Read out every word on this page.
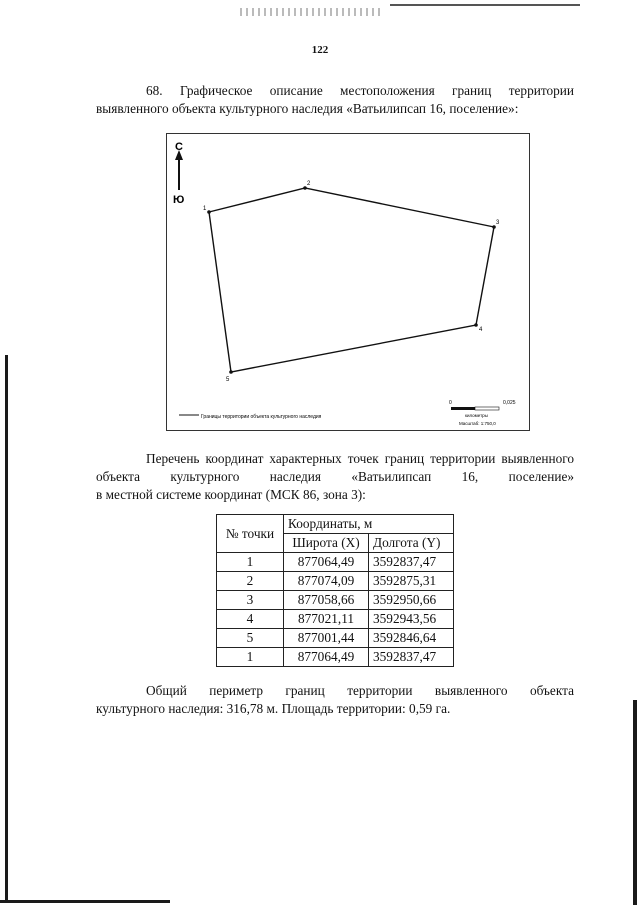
122
68. Графическое описание местоположения границ территории
выявленного объекта культурного наследия «Ватьилипсап 16, поселение»:
С
Ю
1
2
3
4
5
Границы территории объекта культурного наследия
0	0,025
километры
Масштаб: 1:750,0
Перечень координат характерных точек границ территории выявленного объекта культурного наследия «Ватьилипсап 16, поселение»
в местной системе координат (МСК 86, зона 3):
№ точки	Координаты, м	
	Широта (X)	Долгота (Y)
1	877064,49	3592837,47
2	877074,09	3592875,31
3	877058,66	3592950,66
4	877021,11	3592943,56
5	877001,44	3592846,64
1	877064,49	3592837,47
Общий периметр границ территории выявленного объекта
культурного наследия: 316,78 м. Площадь территории: 0,59 га.
